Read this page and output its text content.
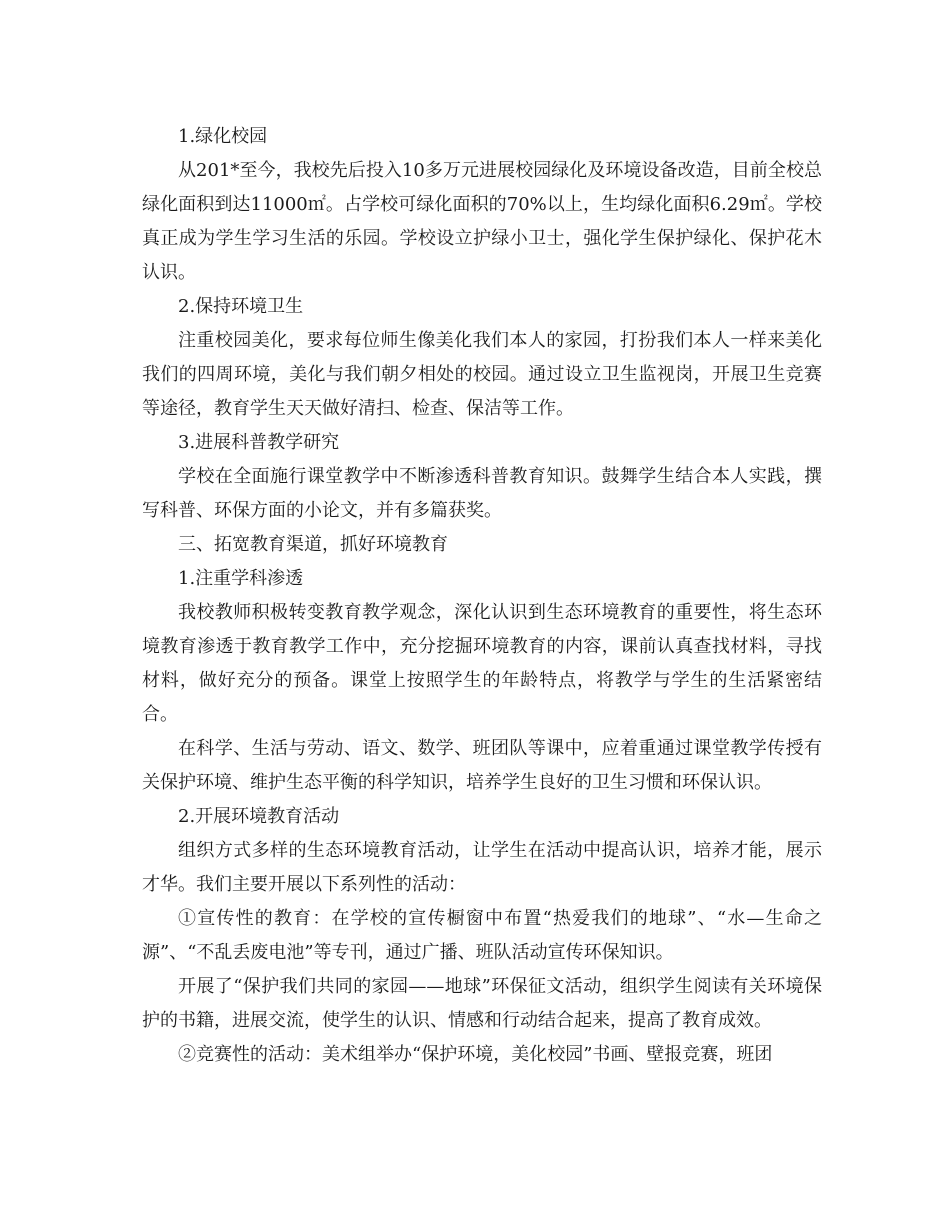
1.绿化校园

从201*至今，我校先后投入10多万元进展校园绿化及环境设备改造，目前全校总绿化面积到达11000㎡。占学校可绿化面积的70%以上，生均绿化面积6.29㎡。学校真正成为学生学习生活的乐园。学校设立护绿小卫士，强化学生保护绿化、保护花木认识。

2.保持环境卫生

注重校园美化，要求每位师生像美化我们本人的家园，打扮我们本人一样来美化我们的四周环境，美化与我们朝夕相处的校园。通过设立卫生监视岗，开展卫生竞赛等途径，教育学生天天做好清扫、检查、保洁等工作。

3.进展科普教学研究

学校在全面施行课堂教学中不断渗透科普教育知识。鼓舞学生结合本人实践，撰写科普、环保方面的小论文，并有多篇获奖。

三、拓宽教育渠道，抓好环境教育

1.注重学科渗透

我校教师积极转变教育教学观念，深化认识到生态环境教育的重要性，将生态环境教育渗透于教育教学工作中，充分挖掘环境教育的内容，课前认真查找材料，寻找材料，做好充分的预备。课堂上按照学生的年龄特点，将教学与学生的生活紧密结合。

在科学、生活与劳动、语文、数学、班团队等课中，应着重通过课堂教学传授有关保护环境、维护生态平衡的科学知识，培养学生良好的卫生习惯和环保认识。

2.开展环境教育活动

组织方式多样的生态环境教育活动，让学生在活动中提高认识，培养才能，展示才华。我们主要开展以下系列性的活动：

①宣传性的教育：在学校的宣传橱窗中布置“热爱我们的地球”、“水—生命之源”、“不乱丢废电池”等专刊，通过广播、班队活动宣传环保知识。

开展了“保护我们共同的家园——地球”环保征文活动，组织学生阅读有关环境保护的书籍，进展交流，使学生的认识、情感和行动结合起来，提高了教育成效。

②竞赛性的活动：美术组举办“保护环境，美化校园”书画、壁报竞赛，班团
